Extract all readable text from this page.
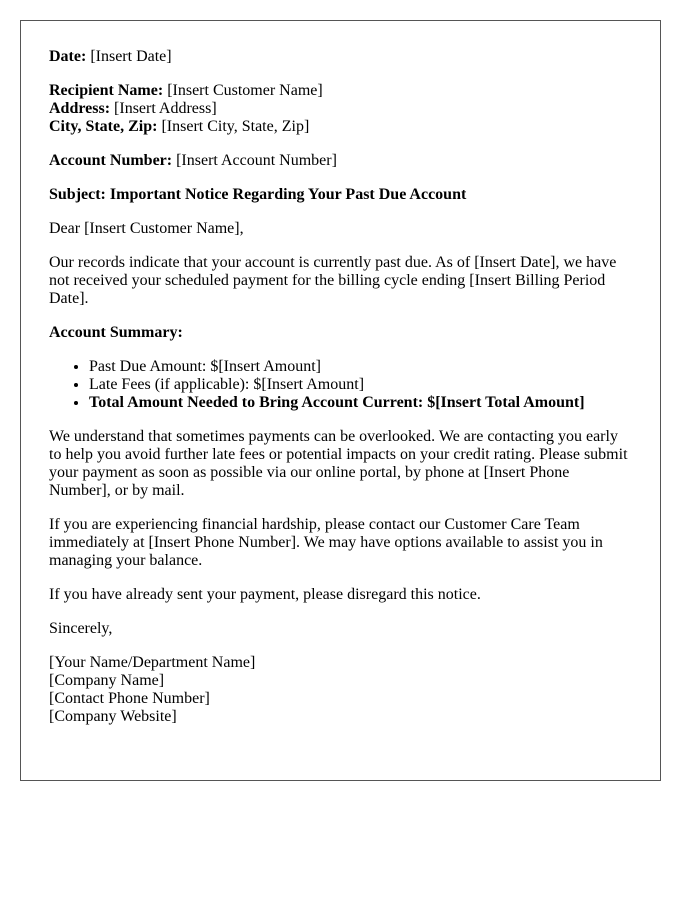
Date: [Insert Date]

Recipient Name: [Insert Customer Name]
Address: [Insert Address]
City, State, Zip: [Insert City, State, Zip]

Account Number: [Insert Account Number]

Subject: Important Notice Regarding Your Past Due Account

Dear [Insert Customer Name],

Our records indicate that your account is currently past due. As of [Insert Date], we have not received your scheduled payment for the billing cycle ending [Insert Billing Period Date].

Account Summary:

• Past Due Amount: $[Insert Amount]
• Late Fees (if applicable): $[Insert Amount]
• Total Amount Needed to Bring Account Current: $[Insert Total Amount]

We understand that sometimes payments can be overlooked. We are contacting you early to help you avoid further late fees or potential impacts on your credit rating. Please submit your payment as soon as possible via our online portal, by phone at [Insert Phone Number], or by mail.

If you are experiencing financial hardship, please contact our Customer Care Team immediately at [Insert Phone Number]. We may have options available to assist you in managing your balance.

If you have already sent your payment, please disregard this notice.

Sincerely,

[Your Name/Department Name]
[Company Name]
[Contact Phone Number]
[Company Website]
